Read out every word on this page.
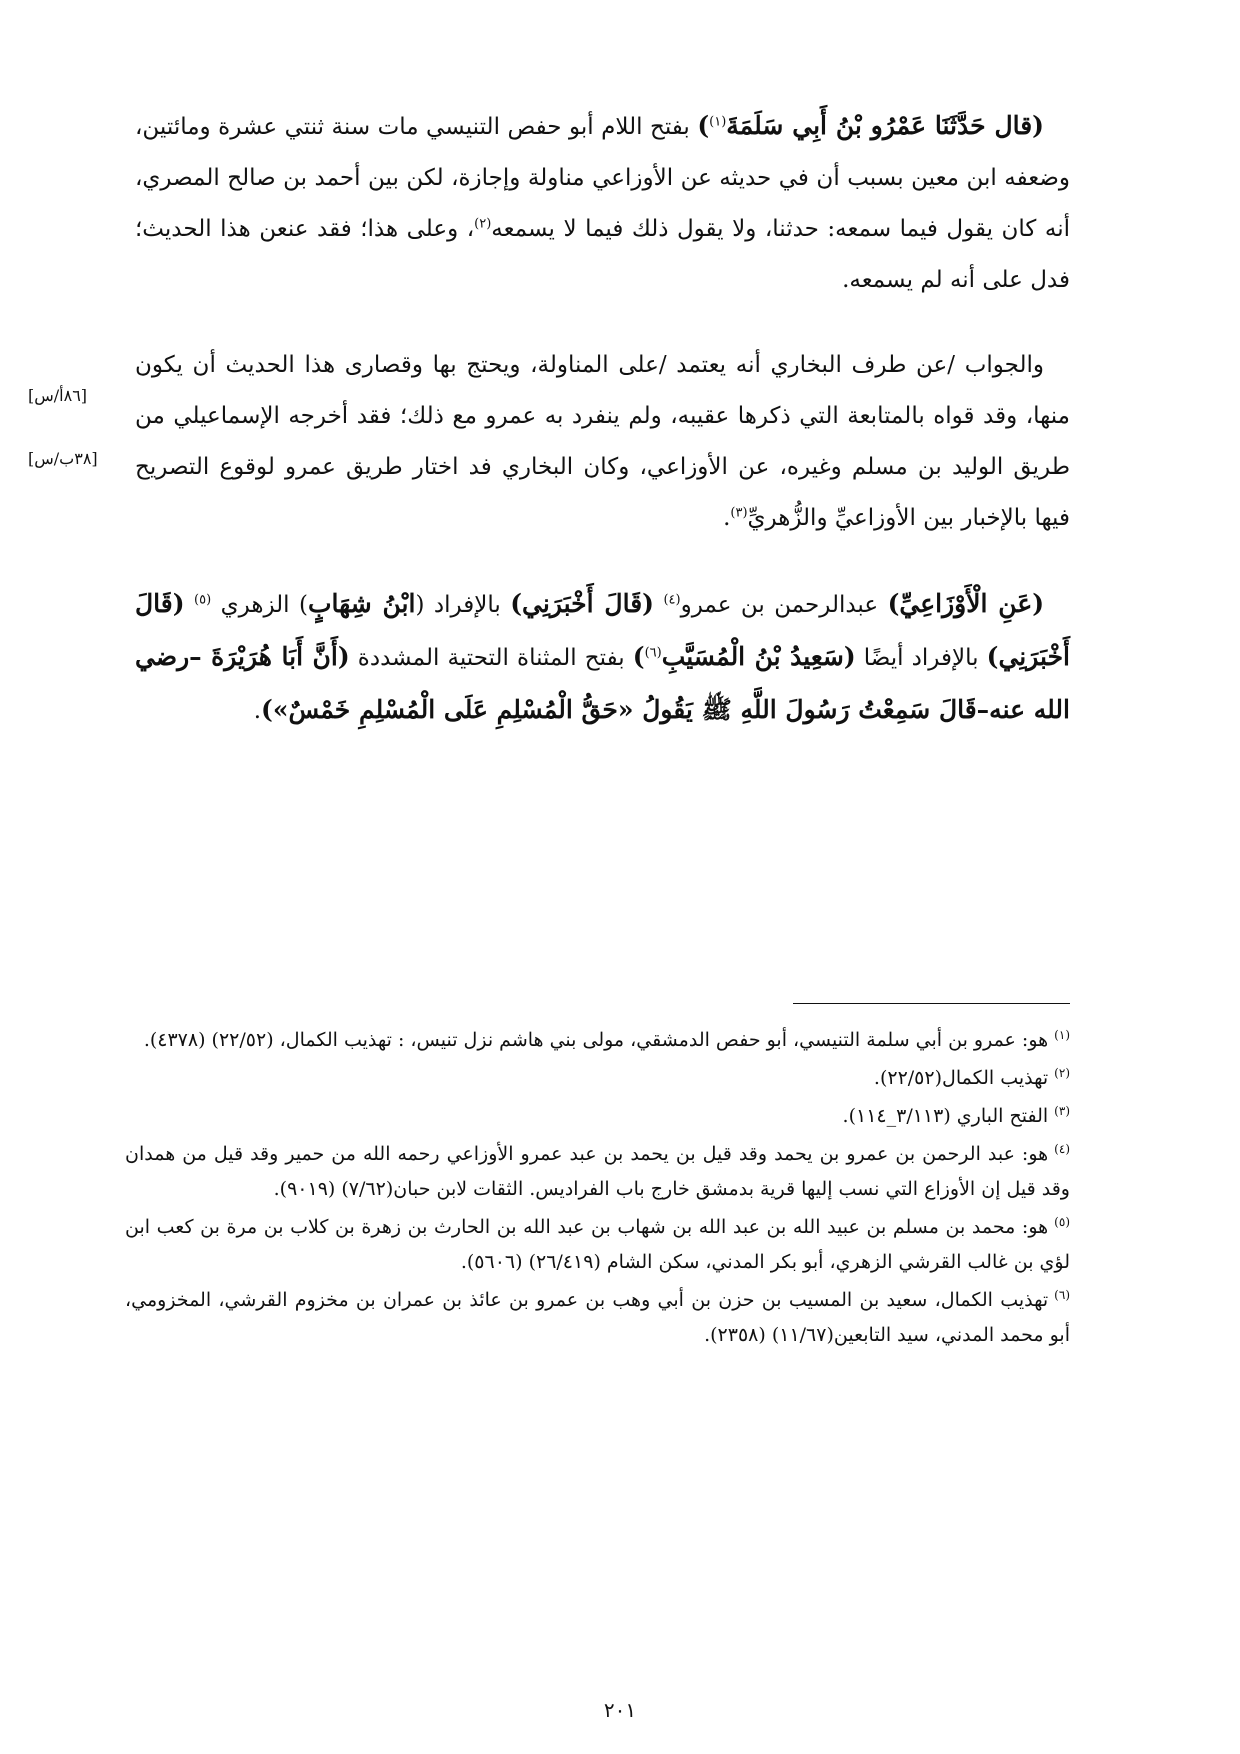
(قال حَدَّثَنَا عَمْرُو بْنُ أَبِي سَلَمَةَ$^{(١)}$) بفتح اللام أبو حفص التنيسي مات سنة ثنتي عشرة ومائتين، وضعفه ابن معين بسبب أن في حديثه عن الأوزاعي مناولة وإجازة، لكن بين أحمد بن صالح المصري، أنه كان يقول فيما سمعه: حدثنا، ولا يقول ذلك فيما لا يسمعه$^{(٢)}$، وعلى هذا؛ فقد عنعن هذا الحديث؛ فدل على أنه لم يسمعه.

والجواب /عن طرف البخاري أنه يعتمد /على المناولة، ويحتج بها وقصارى هذا الحديث أن يكون منها، وقد قواه بالمتابعة التي ذكرها عقيبه، ولم ينفرد به عمرو مع ذلك؛ فقد أخرجه الإسماعيلي من طريق الوليد بن مسلم وغيره، عن الأوزاعي، وكان البخاري فد اختار طريق عمرو لوقوع التصريح فيها بالإخبار بين الأوزاعيِّ والزُّهريِّ$^{(٣)}$.

(عَنِ الْأَوْزَاعِيِّ) عبدالرحمن بن عمرو$^{(٤)}$ (قَالَ أَخْبَرَنِي) بالإفراد (ابْنُ شِهَابٍ) الزهري $^{(٥)}$ (قَالَ أَخْبَرَنِي) بالإفراد أيضًا (سَعِيدُ بْنُ الْمُسَيَّبِ$^{(٦)}$) بفتح المثناة التحتية المشددة (أَنَّ أَبَا هُرَيْرَةَ –رضي الله عنه–قَالَ سَمِعْتُ رَسُولَ اللَّهِ ﷺ يَقُولُ «حَقُّ الْمُسْلِمِ عَلَى الْمُسْلِمِ خَمْسٌ»).

[٨٦أ/س]
[٣٨ب/س]

(١)هو: عمرو بن أبي سلمة التنيسي، أبو حفص الدمشقي، مولى بني هاشم نزل تنيس، : تهذيب الكمال، (٢٢/٥٢) (٤٣٧٨).

(٢)تهذيب الكمال(٢٢/٥٢).

(٣)الفتح الباري (٣/١١٣_١١٤).

(٤)هو: عبد الرحمن بن عمرو بن يحمد وقد قيل بن يحمد بن عبد عمرو الأوزاعي رحمه الله من حمير وقد قيل من همدان وقد قيل إن الأوزاع التي نسب إليها قرية بدمشق خارج باب الفراديس. الثقات لابن حبان(٧/٦٢) (٩٠١٩).

(٥)هو: محمد بن مسلم بن عبيد الله بن عبد الله بن شهاب بن عبد الله بن الحارث بن زهرة بن كلاب بن مرة بن كعب ابن لؤي بن غالب القرشي الزهري، أبو بكر المدني، سكن الشام (٢٦/٤١٩) (٥٦٠٦).

(٦)تهذيب الكمال، سعيد بن المسيب بن حزن بن أبي وهب بن عمرو بن عائذ بن عمران بن مخزوم القرشي، المخزومي، أبو محمد المدني، سيد التابعين(١١/٦٧) (٢٣٥٨).

٢٠١
